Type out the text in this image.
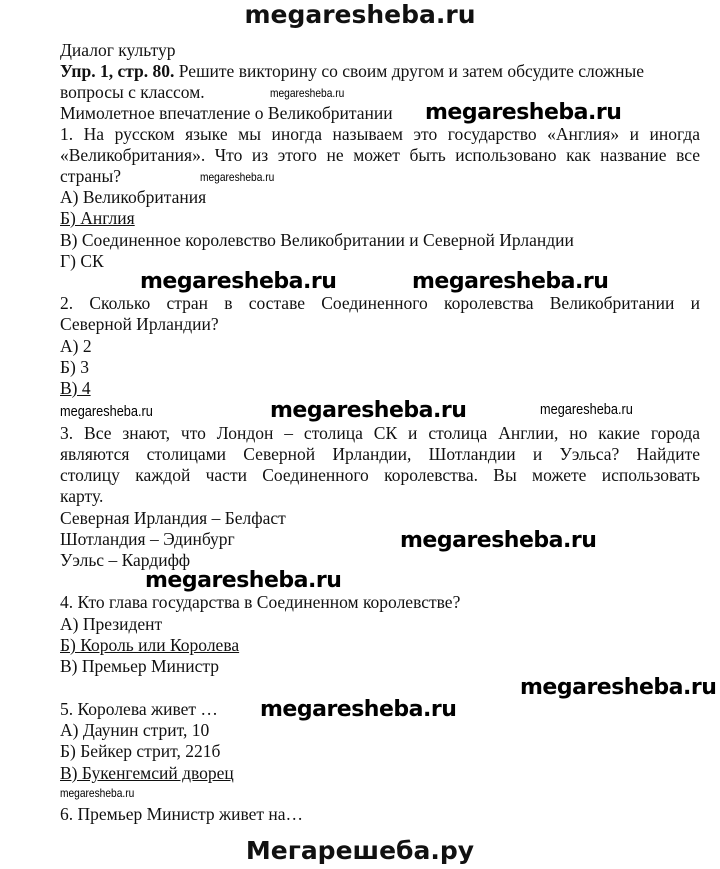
megaresheba.ru
Диалог культур
Упр. 1, стр. 80. Решите викторину со своим другом и затем обсудите сложные
вопросы с классом.
Мимолетное впечатление о Великобритании
1. На русском языке мы иногда называем это государство «Англия» и иногда
«Великобритания». Что из этого не может быть использовано как название все
страны?
А) Великобритания
Б) Англия
В) Соединенное королевство Великобритании и Северной Ирландии
Г) СК
2. Сколько стран в составе Соединенного королевства Великобритании и
Северной Ирландии?
А) 2
Б) 3
В) 4
3. Все знают, что Лондон – столица СК и столица Англии, но какие города
являются столицами Северной Ирландии, Шотландии и Уэльса? Найдите
столицу каждой части Соединенного королевства. Вы можете использовать
карту.
Северная Ирландия – Белфаст
Шотландия – Эдинбург
Уэльс – Кардифф
4. Кто глава государства в Соединенном королевстве?
А) Президент
Б) Король или Королева
В) Премьер Министр
5. Королева живет …
А) Даунин стрит, 10
Б) Бейкер стрит, 221б
В) Букенгемсий дворец
6. Премьер Министр живет на…
megaresheba.ru
megaresheba.ru
megaresheba.ru
megaresheba.ru	megaresheba.ru
megaresheba.ru	megaresheba.ru	megaresheba.ru
megaresheba.ru
megaresheba.ru
megaresheba.ru
megaresheba.ru
megaresheba.ru
Мегарешеба.ру
